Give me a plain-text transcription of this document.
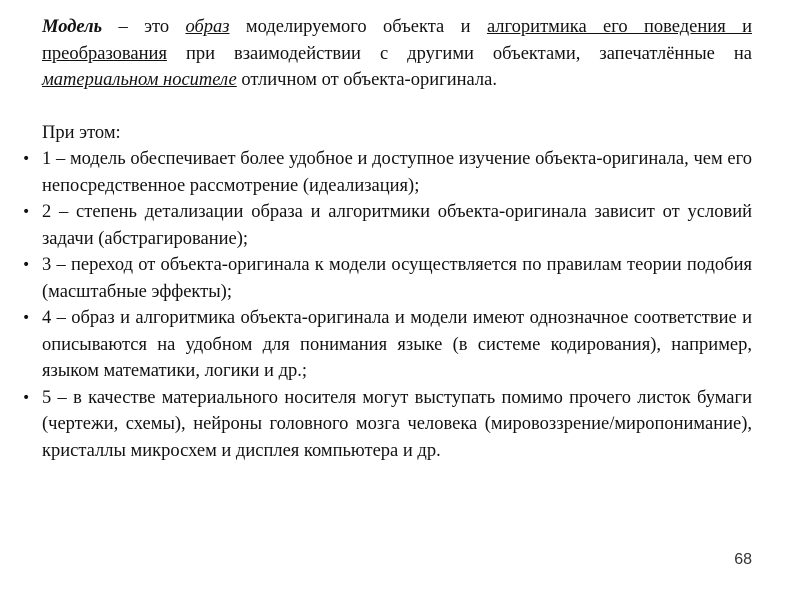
Модель – это образ моделируемого объекта и алгоритмика его поведения и преобразования при взаимодействии с другими объектами, запечатлённые на материальном носителе отличном от объекта-оригинала.

При этом:

• 1 – модель обеспечивает более удобное и доступное изучение объекта-оригинала, чем его непосредственное рассмотрение (идеализация);
• 2 – степень детализации образа и алгоритмики объекта-оригинала зависит от условий задачи (абстрагирование);
• 3 – переход от объекта-оригинала к модели осуществляется по правилам теории подобия (масштабные эффекты);
• 4 – образ и алгоритмика объекта-оригинала и модели имеют однозначное соответствие и описываются на удобном для понимания языке (в системе кодирования), например, языком математики, логики и др.;
• 5 – в качестве материального носителя могут выступать помимо прочего листок бумаги (чертежи, схемы), нейроны головного мозга человека (мировоззрение/миропонимание), кристаллы микросхем и дисплея компьютера и др.
68
